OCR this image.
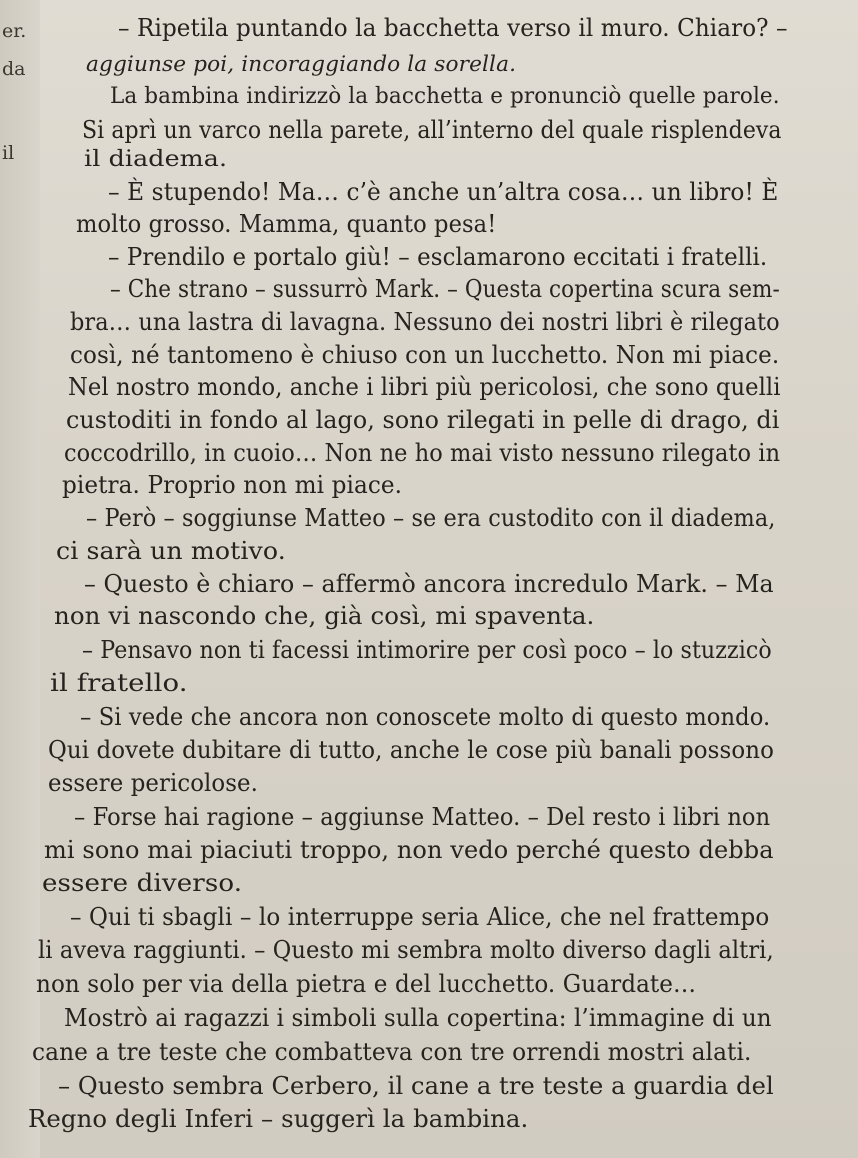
er.
da
il
– Ripetila puntando la bacchetta verso il muro. Chiaro? –
aggiunse poi, incoraggiando la sorella.
La bambina indirizzò la bacchetta e pronunciò quelle parole.
Si aprì un varco nella parete, all’interno del quale risplendeva
il diadema.
– È stupendo! Ma… c’è anche un’altra cosa… un libro! È
molto grosso. Mamma, quanto pesa!
– Prendilo e portalo giù! – esclamarono eccitati i fratelli.
– Che strano – sussurrò Mark. – Questa copertina scura sem-
bra… una lastra di lavagna. Nessuno dei nostri libri è rilegato
così, né tantomeno è chiuso con un lucchetto. Non mi piace.
Nel nostro mondo, anche i libri più pericolosi, che sono quelli
custoditi in fondo al lago, sono rilegati in pelle di drago, di
coccodrillo, in cuoio… Non ne ho mai visto nessuno rilegato in
pietra. Proprio non mi piace.
– Però – soggiunse Matteo – se era custodito con il diadema,
ci sarà un motivo.
– Questo è chiaro – affermò ancora incredulo Mark. – Ma
non vi nascondo che, già così, mi spaventa.
– Pensavo non ti facessi intimorire per così poco – lo stuzzicò
il fratello.
– Si vede che ancora non conoscete molto di questo mondo.
Qui dovete dubitare di tutto, anche le cose più banali possono
essere pericolose.
– Forse hai ragione – aggiunse Matteo. – Del resto i libri non
mi sono mai piaciuti troppo, non vedo perché questo debba
essere diverso.
– Qui ti sbagli – lo interruppe seria Alice, che nel frattempo
li aveva raggiunti. – Questo mi sembra molto diverso dagli altri,
non solo per via della pietra e del lucchetto. Guardate…
Mostrò ai ragazzi i simboli sulla copertina: l’immagine di un
cane a tre teste che combatteva con tre orrendi mostri alati.
– Questo sembra Cerbero, il cane a tre teste a guardia del
Regno degli Inferi – suggerì la bambina.
